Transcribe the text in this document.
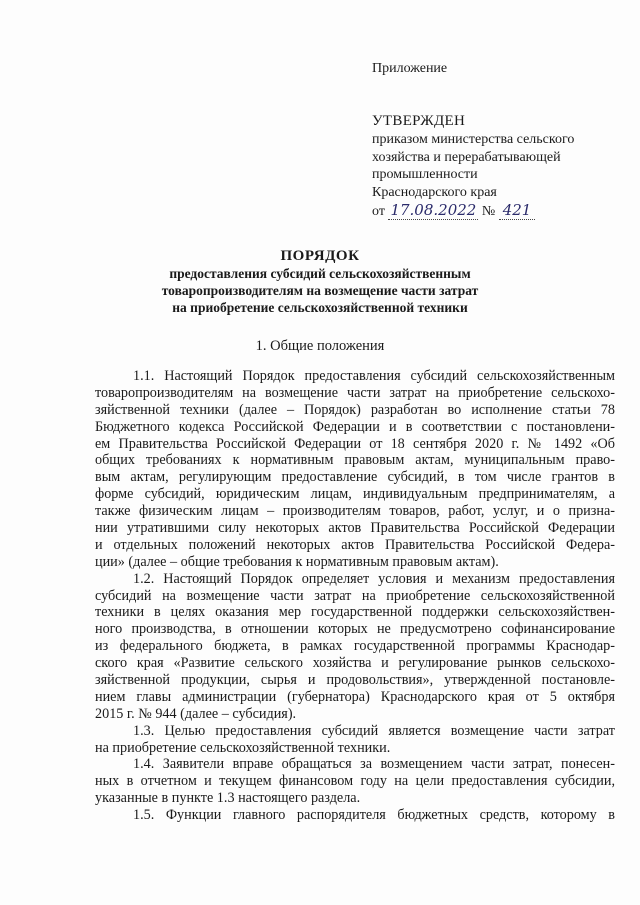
Приложение
УТВЕРЖДЕН
приказом министерства сельского
хозяйства и перерабатывающей
промышленности
Краснодарского края
от 17.08.2022 № 421
ПОРЯДОК
предоставления субсидий сельскохозяйственным
товаропроизводителям на возмещение части затрат
на приобретение сельскохозяйственной техники
1. Общие положения
1.1. Настоящий Порядок предоставления субсидий сельскохозяйственным
товаропроизводителям на возмещение части затрат на приобретение сельскохо-
зяйственной техники (далее – Порядок) разработан во исполнение статьи 78
Бюджетного кодекса Российской Федерации и в соответствии с постановлени-
ем Правительства Российской Федерации от 18 сентября 2020 г. № 1492 «Об
общих требованиях к нормативным правовым актам, муниципальным право-
вым актам, регулирующим предоставление субсидий, в том числе грантов в
форме субсидий, юридическим лицам, индивидуальным предпринимателям, а
также физическим лицам – производителям товаров, работ, услуг, и о призна-
нии утратившими силу некоторых актов Правительства Российской Федерации
и отдельных положений некоторых актов Правительства Российской Федера-
ции» (далее – общие требования к нормативным правовым актам).
1.2. Настоящий Порядок определяет условия и механизм предоставления
субсидий на возмещение части затрат на приобретение сельскохозяйственной
техники в целях оказания мер государственной поддержки сельскохозяйствен-
ного производства, в отношении которых не предусмотрено софинансирование
из федерального бюджета, в рамках государственной программы Краснодар-
ского края «Развитие сельского хозяйства и регулирование рынков сельскохо-
зяйственной продукции, сырья и продовольствия», утвержденной постановле-
нием главы администрации (губернатора) Краснодарского края от 5 октября
2015 г. № 944 (далее – субсидия).
1.3. Целью предоставления субсидий является возмещение части затрат
на приобретение сельскохозяйственной техники.
1.4. Заявители вправе обращаться за возмещением части затрат, понесен-
ных в отчетном и текущем финансовом году на цели предоставления субсидии,
указанные в пункте 1.3 настоящего раздела.
1.5. Функции главного распорядителя бюджетных средств, которому в
